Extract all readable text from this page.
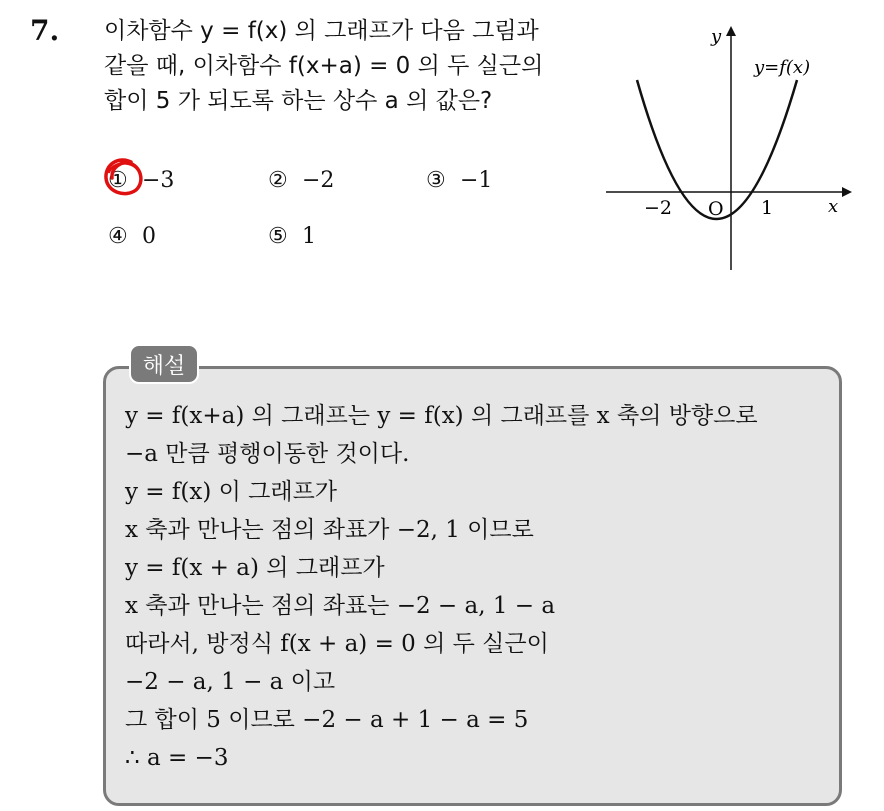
7. 이차함수 y = f(x) 의 그래프가 다음 그림과
같을 때, 이차함수 f(x+a) = 0 의 두 실근의
합이 5 가 되도록 하는 상수 a 의 값은?
① −3	② −2	③ −1
④ 0	⑤ 1
y
x
y=f(x)
O
−2	1
해설
y = f(x+a) 의 그래프는 y = f(x) 의 그래프를 x 축의 방향으로
−a 만큼 평행이동한 것이다.
y = f(x) 이 그래프가
x 축과 만나는 점의 좌표가 −2, 1 이므로
y = f(x + a) 의 그래프가
x 축과 만나는 점의 좌표는 −2 − a, 1 − a
따라서, 방정식 f(x + a) = 0 의 두 실근이
−2 − a, 1 − a 이고
그 합이 5 이므로 −2 − a + 1 − a = 5
∴ a = −3
